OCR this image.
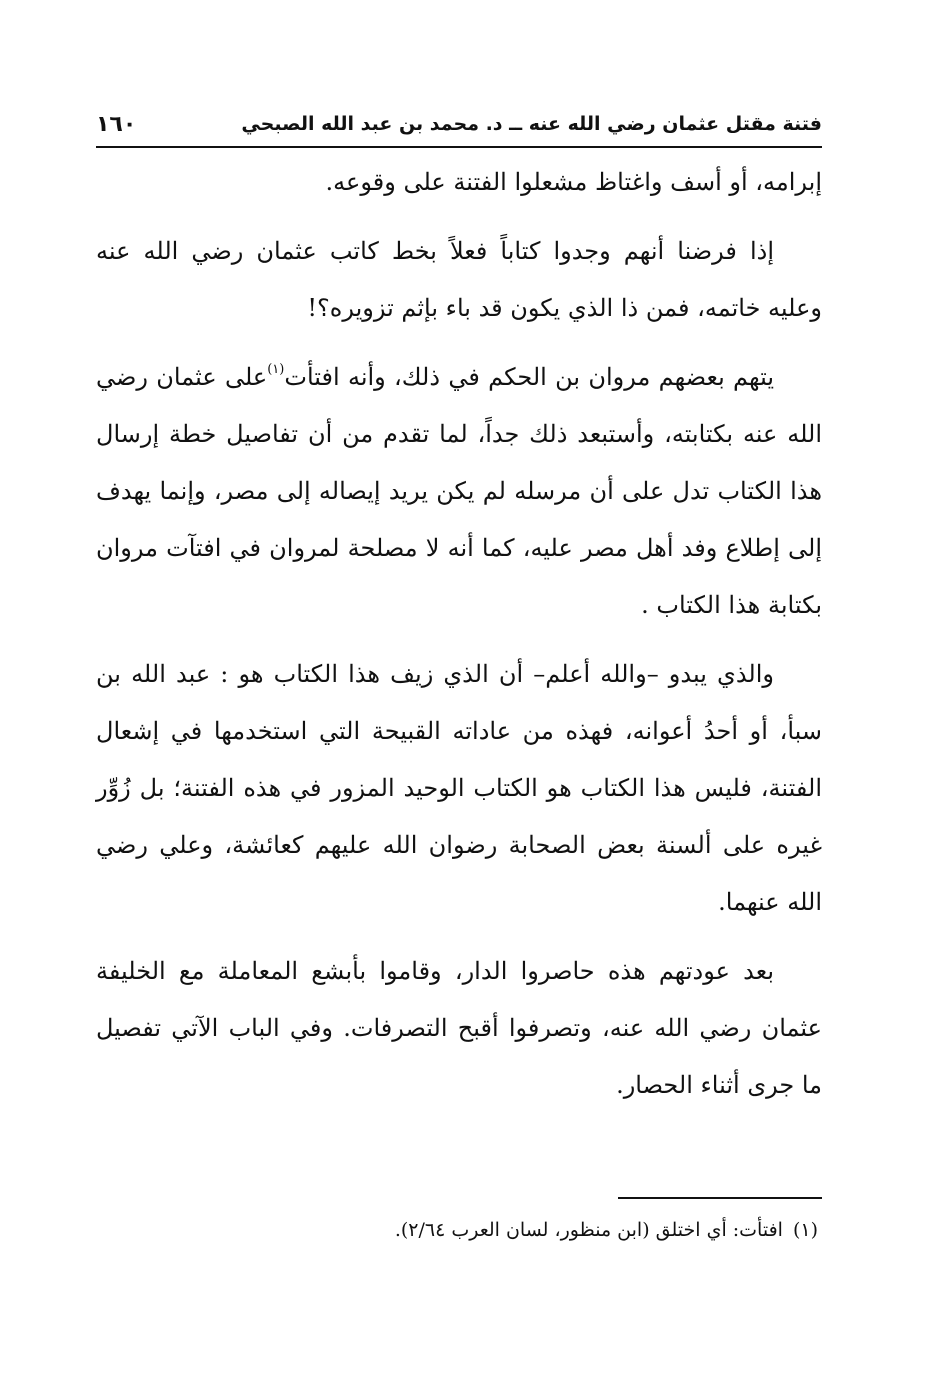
فتنة مقتل عثمان رضي الله عنه ــ د. محمد بن عبد الله الصبحي
١٦٠

إبرامه، أو أسف واغتاظ مشعلوا الفتنة على وقوعه.

إذا فرضنا أنهم وجدوا كتاباً فعلاً بخط كاتب عثمان رضي الله عنه وعليه خاتمه، فمن ذا الذي يكون قد باء بإثم تزويره؟!

يتهم بعضهم مروان بن الحكم في ذلك، وأنه افتأت$^{(١)}$على عثمان رضي الله عنه بكتابته، وأستبعد ذلك جداً، لما تقدم من أن تفاصيل خطة إرسال هذا الكتاب تدل على أن مرسله لم يكن يريد إيصاله إلى مصر، وإنما يهدف إلى إطلاع وفد أهل مصر عليه، كما أنه لا مصلحة لمروان في افتآت مروان بكتابة هذا الكتاب .

والذي يبدو –والله أعلم– أن الذي زيف هذا الكتاب هو : عبد الله بن سبأ، أو أحدُ أعوانه، فهذه من عاداته القبيحة التي استخدمها في إشعال الفتنة، فليس هذا الكتاب هو الكتاب الوحيد المزور في هذه الفتنة؛ بل زُوِّر غيره على ألسنة بعض الصحابة رضوان الله عليهم كعائشة، وعلي رضي الله عنهما.

بعد عودتهم هذه حاصروا الدار، وقاموا بأبشع المعاملة مع الخليفة عثمان رضي الله عنه، وتصرفوا أقبح التصرفات. وفي الباب الآتي تفصيل ما جرى أثناء الحصار.

(١)افتأت: أي اختلق (ابن منظور، لسان العرب ٢/٦٤).
